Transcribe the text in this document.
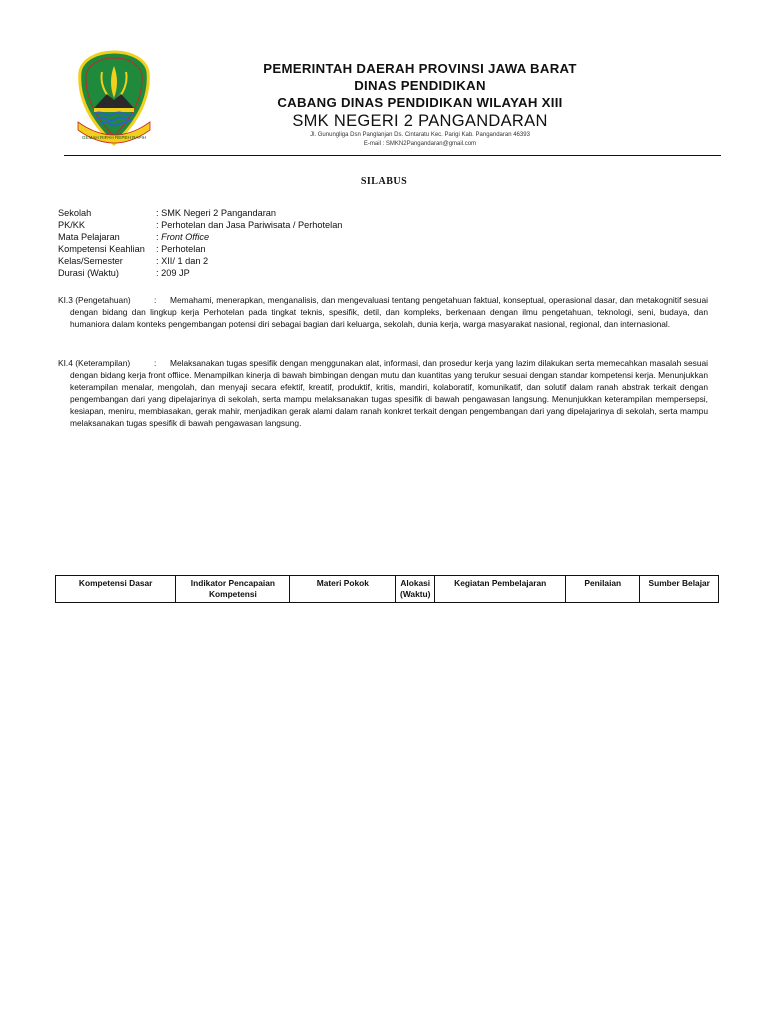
GEMAH RIPAH REPEH RAPIH
PEMERINTAH DAERAH PROVINSI JAWA BARAT
DINAS PENDIDIKAN
CABANG DINAS PENDIDIKAN WILAYAH XIII
SMK NEGERI 2 PANGANDARAN
Jl. Gunungliga Dsn Panglanjan Ds. Cintaratu Kec. Parigi Kab. Pangandaran 46393
E-mail : SMKN2Pangandaran@gmail.com
SILABUS
Sekolah	: SMK Negeri 2 Pangandaran
PK/KK	: Perhotelan dan Jasa Pariwisata / Perhotelan
Mata Pelajaran	: Front Office
Kompetensi Keahlian	: Perhotelan
Kelas/Semester	: XII/ 1 dan 2
Durasi (Waktu)	: 209 JP
KI.3 (Pengetahuan)	:	Memahami, menerapkan, menganalisis, dan mengevaluasi tentang pengetahuan faktual, konseptual, operasional dasar, dan metakognitif sesuai dengan bidang dan lingkup kerja Perhotelan pada tingkat teknis, spesifik, detil, dan kompleks, berkenaan dengan ilmu pengetahuan, teknologi, seni, budaya, dan humaniora dalam konteks pengembangan potensi diri sebagai bagian dari keluarga, sekolah, dunia kerja, warga masyarakat nasional, regional, dan internasional.
KI.4 (Keterampilan)	:	Melaksanakan tugas spesifik dengan menggunakan alat, informasi, dan prosedur kerja yang lazim dilakukan serta memecahkan masalah sesuai dengan bidang kerja front offiice. Menampilkan kinerja di bawah bimbingan dengan mutu dan kuantitas yang terukur sesuai dengan standar kompetensi kerja. Menunjukkan keterampilan menalar, mengolah, dan menyaji secara efektif, kreatif, produktif, kritis, mandiri, kolaboratif, komunikatif, dan solutif dalam ranah abstrak terkait dengan pengembangan dari yang dipelajarinya di sekolah, serta mampu melaksanakan tugas spesifik di bawah pengawasan langsung. Menunjukkan keterampilan mempersepsi, kesiapan, meniru, membiasakan, gerak mahir, menjadikan gerak alami dalam ranah konkret terkait dengan pengembangan dari yang dipelajarinya di sekolah, serta mampu melaksanakan tugas spesifik di bawah pengawasan langsung.
Kompetensi Dasar	Indikator Pencapaian Kompetensi	Materi Pokok	Alokasi (Waktu)	Kegiatan Pembelajaran	Penilaian	Sumber Belajar
